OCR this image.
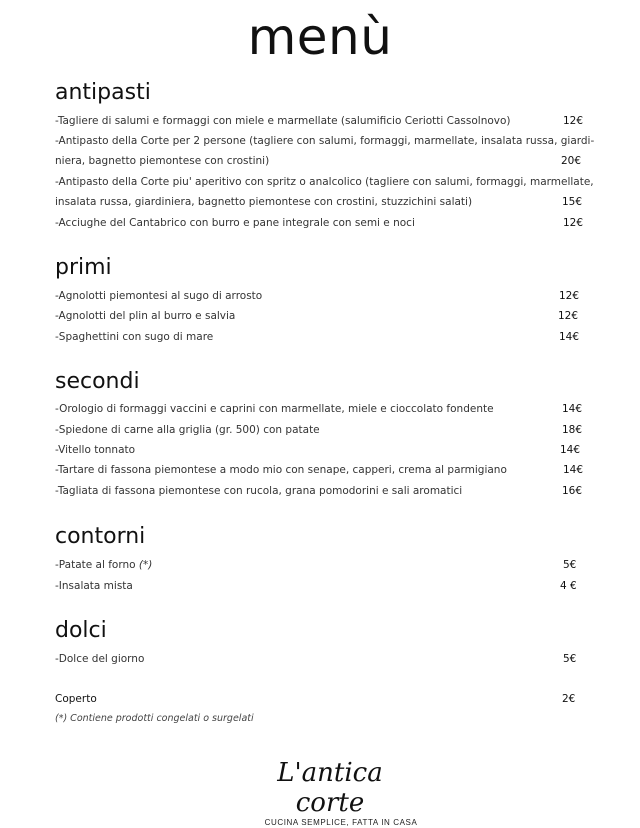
menù
antipasti
-Tagliere di salumi e formaggi con miele e marmellate (salumificio Ceriotti Cassolnovo)	12€
-Antipasto della Corte per 2 persone (tagliere con salumi, formaggi, marmellate, insalata russa, giardi-
niera, bagnetto piemontese con crostini)	20€
-Antipasto della Corte piu' aperitivo con spritz o analcolico (tagliere con salumi, formaggi, marmellate,
insalata russa, giardiniera, bagnetto piemontese con crostini, stuzzichini salati)	15€
-Acciughe del Cantabrico con burro e pane integrale con semi e noci	12€
primi
-Agnolotti piemontesi al sugo di arrosto	12€
-Agnolotti del plin al burro e salvia	12€
-Spaghettini con sugo di mare	14€
secondi
-Orologio di formaggi vaccini e caprini con marmellate, miele e cioccolato fondente	14€
-Spiedone di carne alla griglia (gr. 500) con patate	18€
-Vitello tonnato	14€
-Tartare di fassona piemontese a modo mio con senape, capperi, crema al parmigiano	14€
-Tagliata di fassona piemontese con rucola, grana pomodorini e sali aromatici	16€
contorni
-Patate al forno (*)	5€
-Insalata mista	4 €
dolci
-Dolce del giorno	5€
Coperto	2€
(*) Contiene prodotti congelati o surgelati
L'antica corte
CUCINA SEMPLICE, FATTA IN CASA
